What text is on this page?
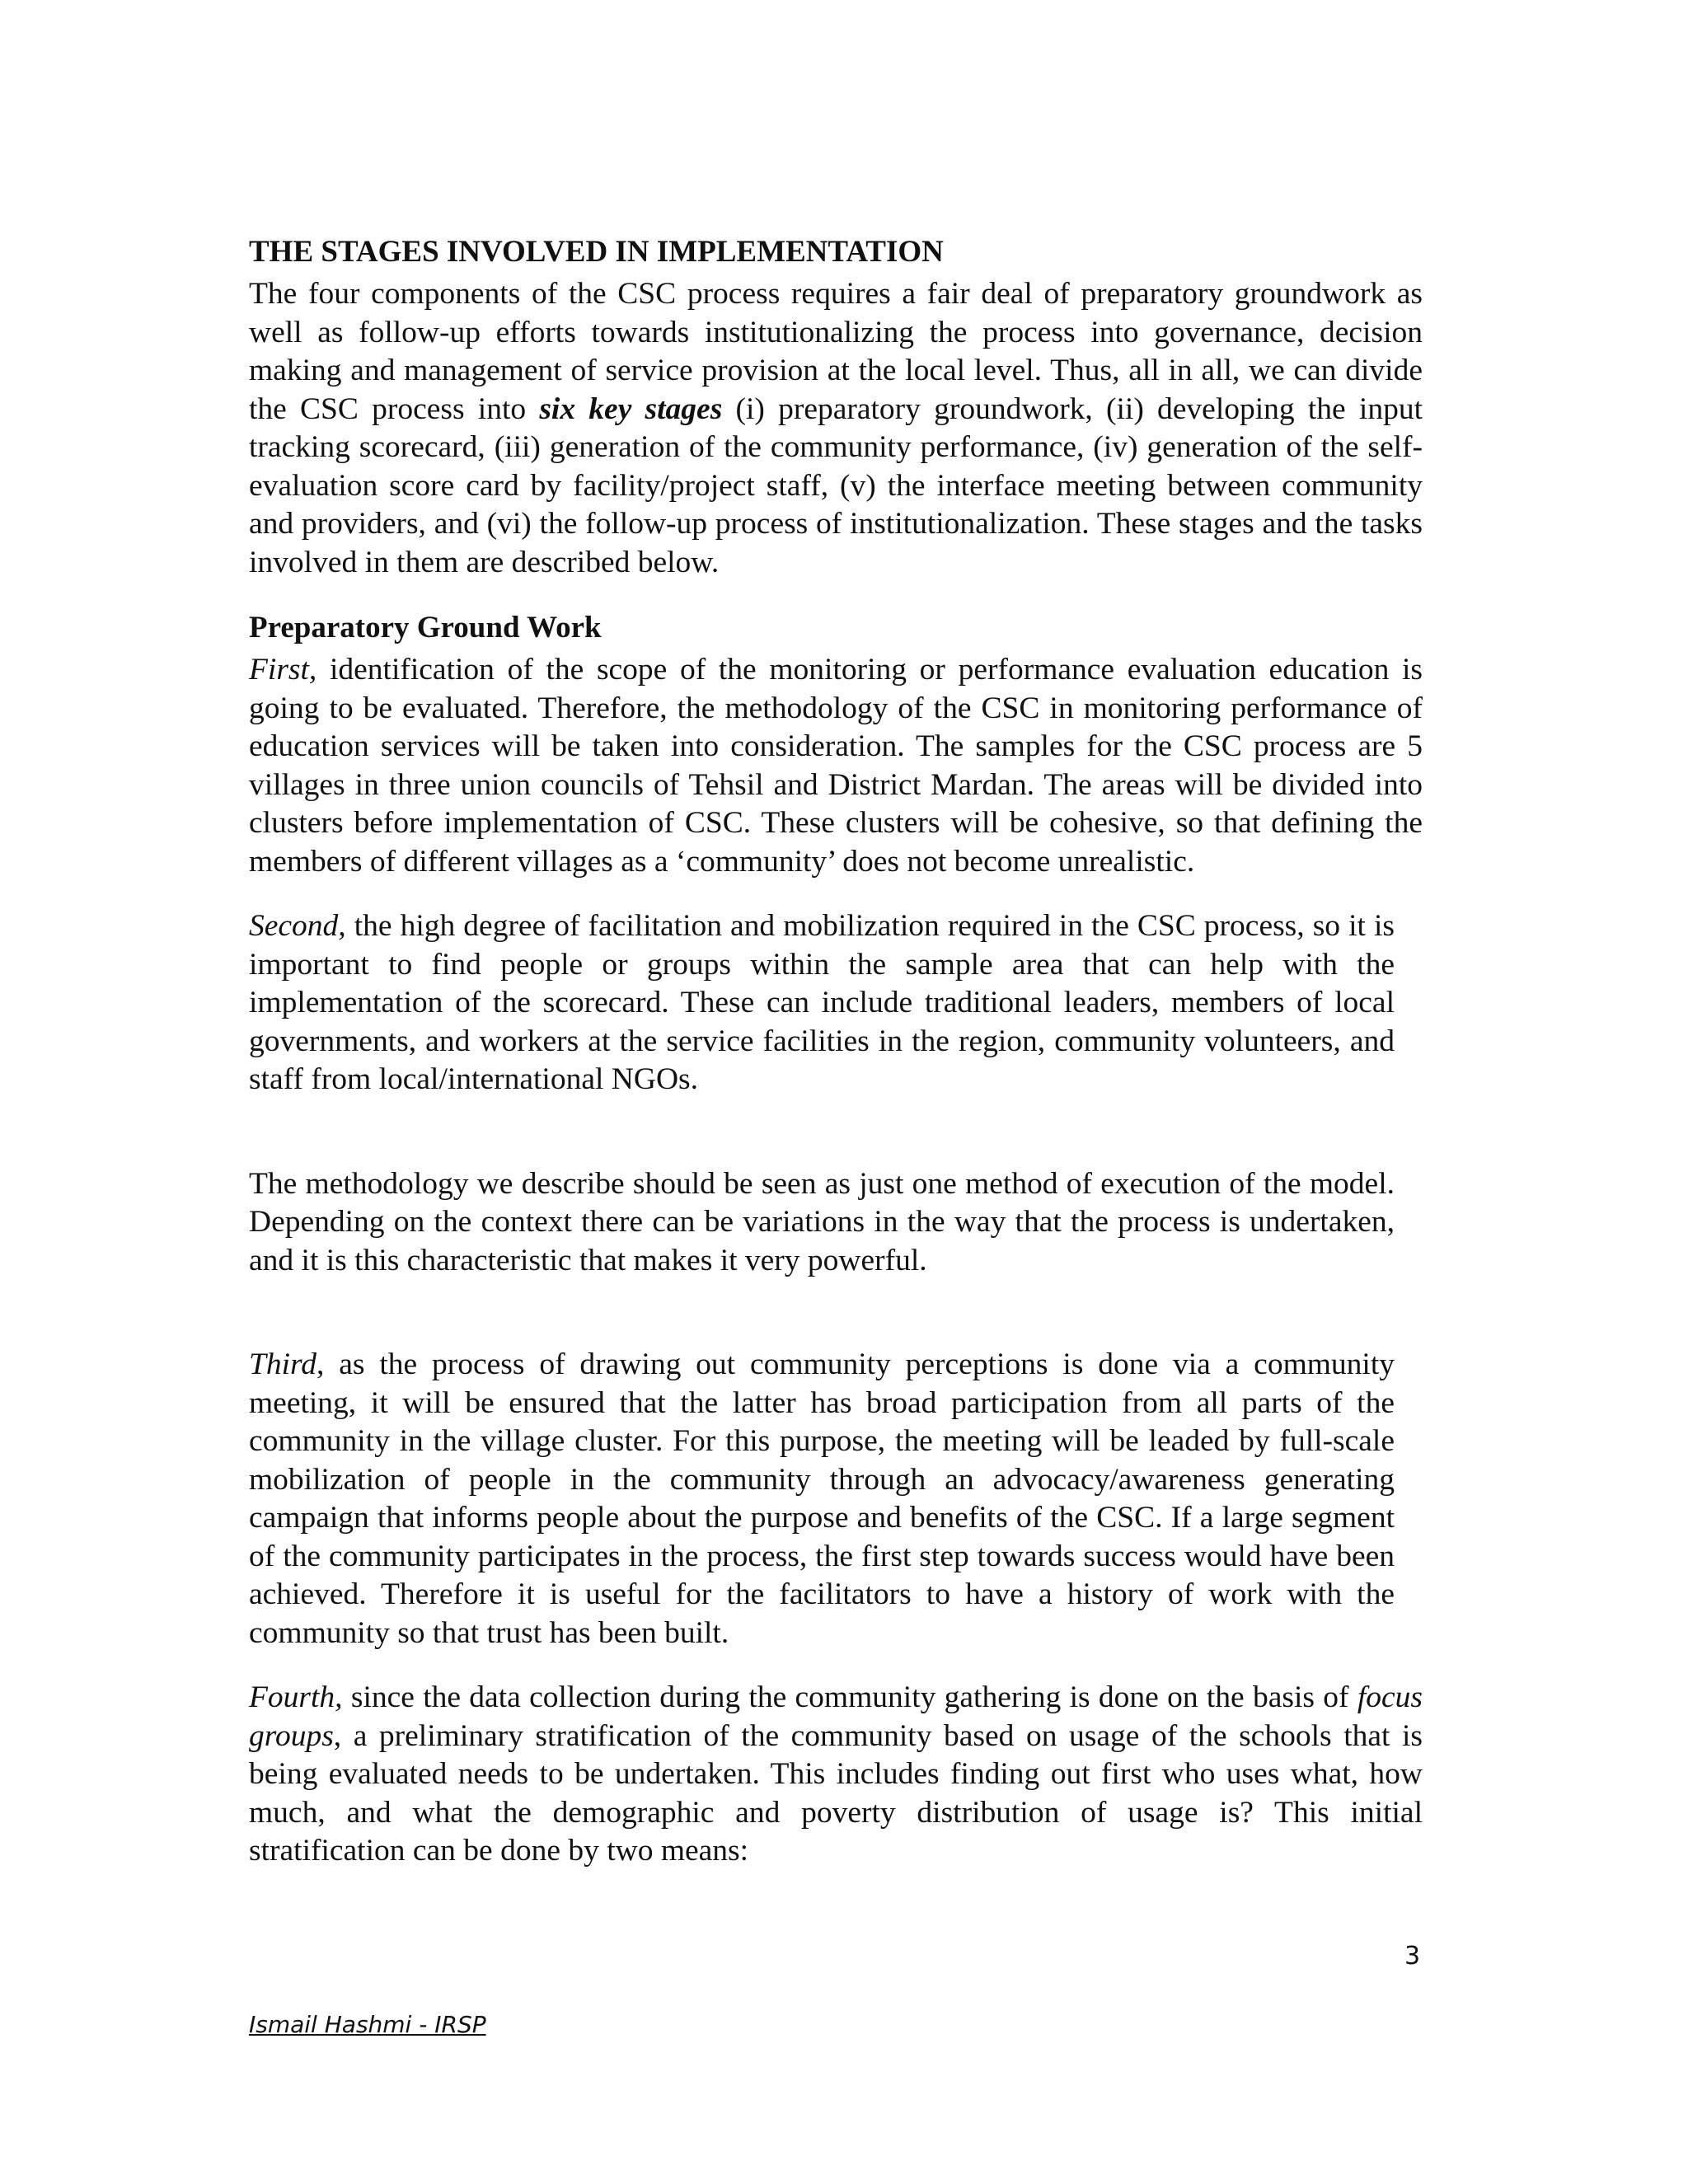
THE STAGES INVOLVED IN IMPLEMENTATION

The four components of the CSC process requires a fair deal of preparatory groundwork as well as follow-up efforts towards institutionalizing the process into governance, decision making and management of service provision at the local level. Thus, all in all, we can divide the CSC process into six key stages (i) preparatory groundwork, (ii) developing the input tracking scorecard, (iii) generation of the community performance, (iv) generation of the self-evaluation score card by facility/project staff, (v) the interface meeting between community and providers, and (vi) the follow-up process of institutionalization. These stages and the tasks involved in them are described below.

Preparatory Ground Work

First, identification of the scope of the monitoring or performance evaluation education is going to be evaluated. Therefore, the methodology of the CSC in monitoring performance of education services will be taken into consideration. The samples for the CSC process are 5 villages in three union councils of Tehsil and District Mardan. The areas will be divided into clusters before implementation of CSC. These clusters will be cohesive, so that defining the members of different villages as a ‘community’ does not become unrealistic.

Second, the high degree of facilitation and mobilization required in the CSC process, so it is important to find people or groups within the sample area that can help with the implementation of the scorecard. These can include traditional leaders, members of local governments, and workers at the service facilities in the region, community volunteers, and staff from local/international NGOs.

The methodology we describe should be seen as just one method of execution of the model. Depending on the context there can be variations in the way that the process is undertaken, and it is this characteristic that makes it very powerful.

Third, as the process of drawing out community perceptions is done via a community meeting, it will be ensured that the latter has broad participation from all parts of the community in the village cluster. For this purpose, the meeting will be leaded by full-scale mobilization of people in the community through an advocacy/awareness generating campaign that informs people about the purpose and benefits of the CSC. If a large segment of the community participates in the process, the first step towards success would have been achieved. Therefore it is useful for the facilitators to have a history of work with the community so that trust has been built.

Fourth, since the data collection during the community gathering is done on the basis of focus groups, a preliminary stratification of the community based on usage of the schools that is being evaluated needs to be undertaken. This includes finding out first who uses what, how much, and what the demographic and poverty distribution of usage is? This initial stratification can be done by two means:

3
Ismail Hashmi - IRSP
